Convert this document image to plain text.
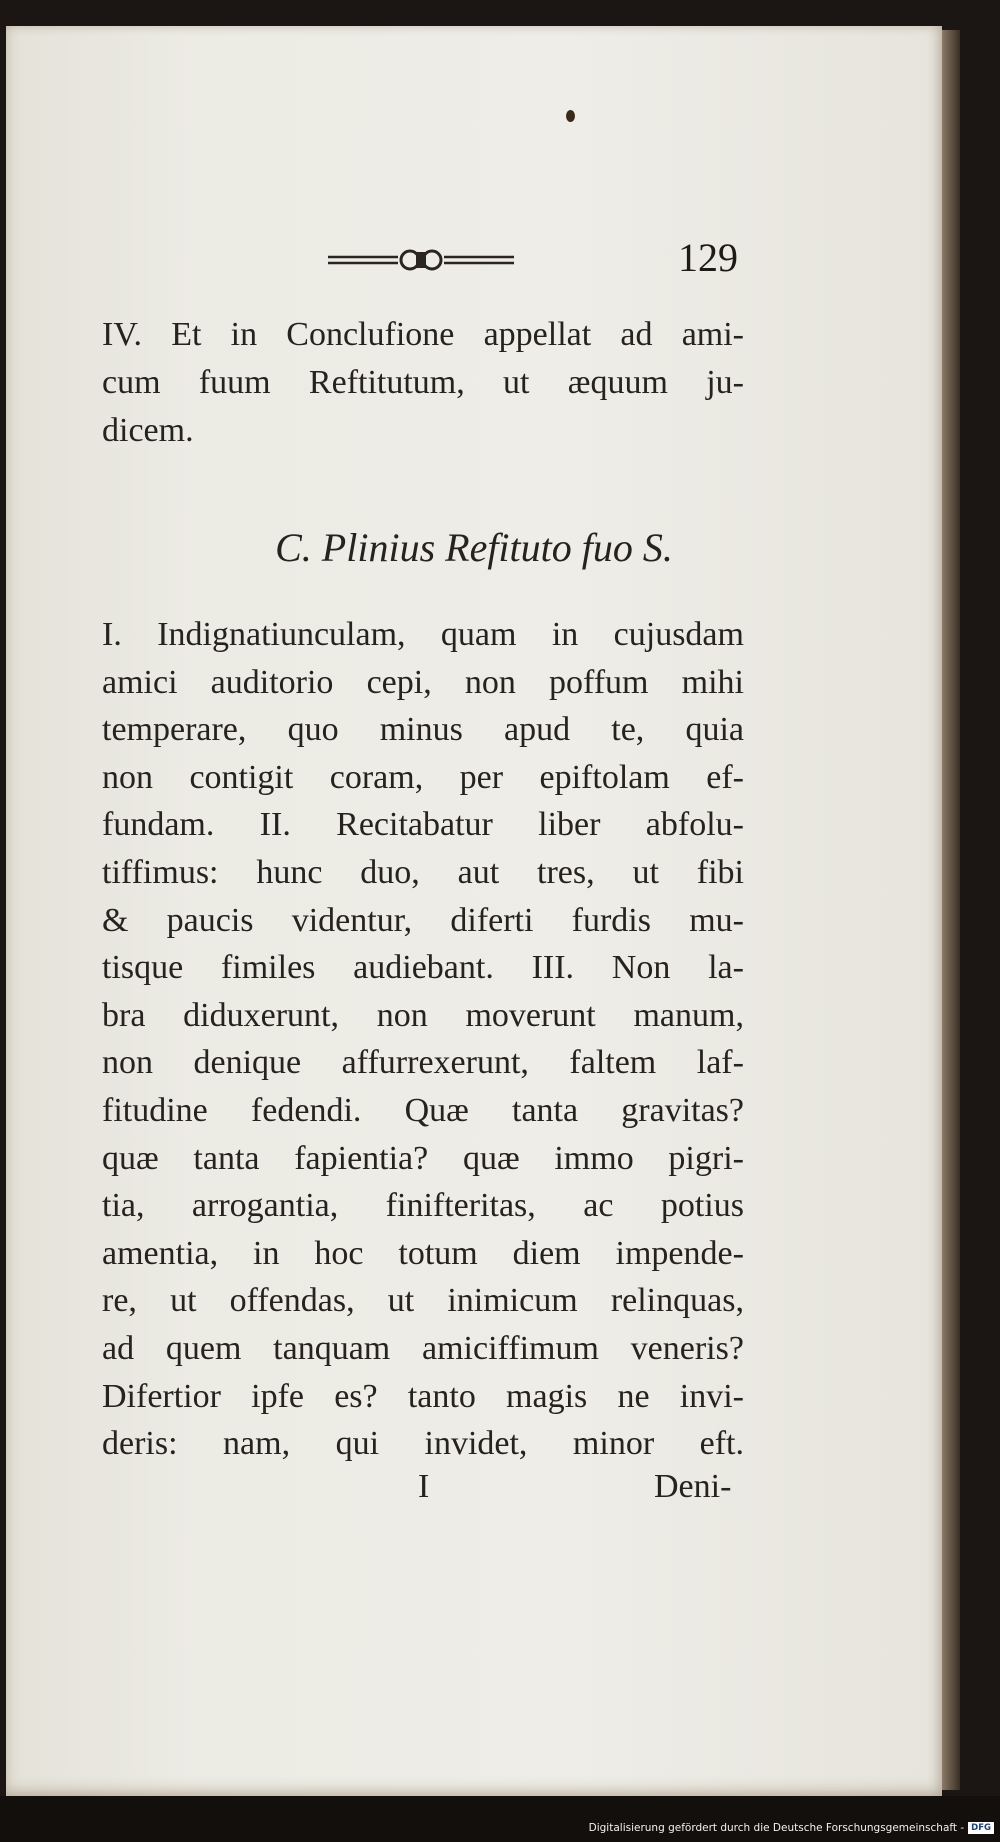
129
IV. Et in Conclufione appellat ad ami-
cum fuum Reftitutum, ut æquum ju-
dicem.
C. Plinius Refituto fuo S.
I. Indignatiunculam, quam in cujusdam
amici auditorio cepi, non poffum mihi
temperare, quo minus apud te, quia
non contigit coram, per epiftolam ef-
fundam. II. Recitabatur liber abfolu-
tiffimus: hunc duo, aut tres, ut fibi
& paucis videntur, diferti furdis mu-
tisque fimiles audiebant. III. Non la-
bra diduxerunt, non moverunt manum,
non denique affurrexerunt, faltem laf-
fitudine fedendi. Quæ tanta gravitas?
quæ tanta fapientia? quæ immo pigri-
tia, arrogantia, finifteritas, ac potius
amentia, in hoc totum diem impende-
re, ut offendas, ut inimicum relinquas,
ad quem tanquam amiciffimum veneris?
Difertior ipfe es? tanto magis ne invi-
deris: nam, qui invidet, minor eft.
I	Deni-
Digitalisierung gefördert durch die Deutsche Forschungsgemeinschaft - DFG
